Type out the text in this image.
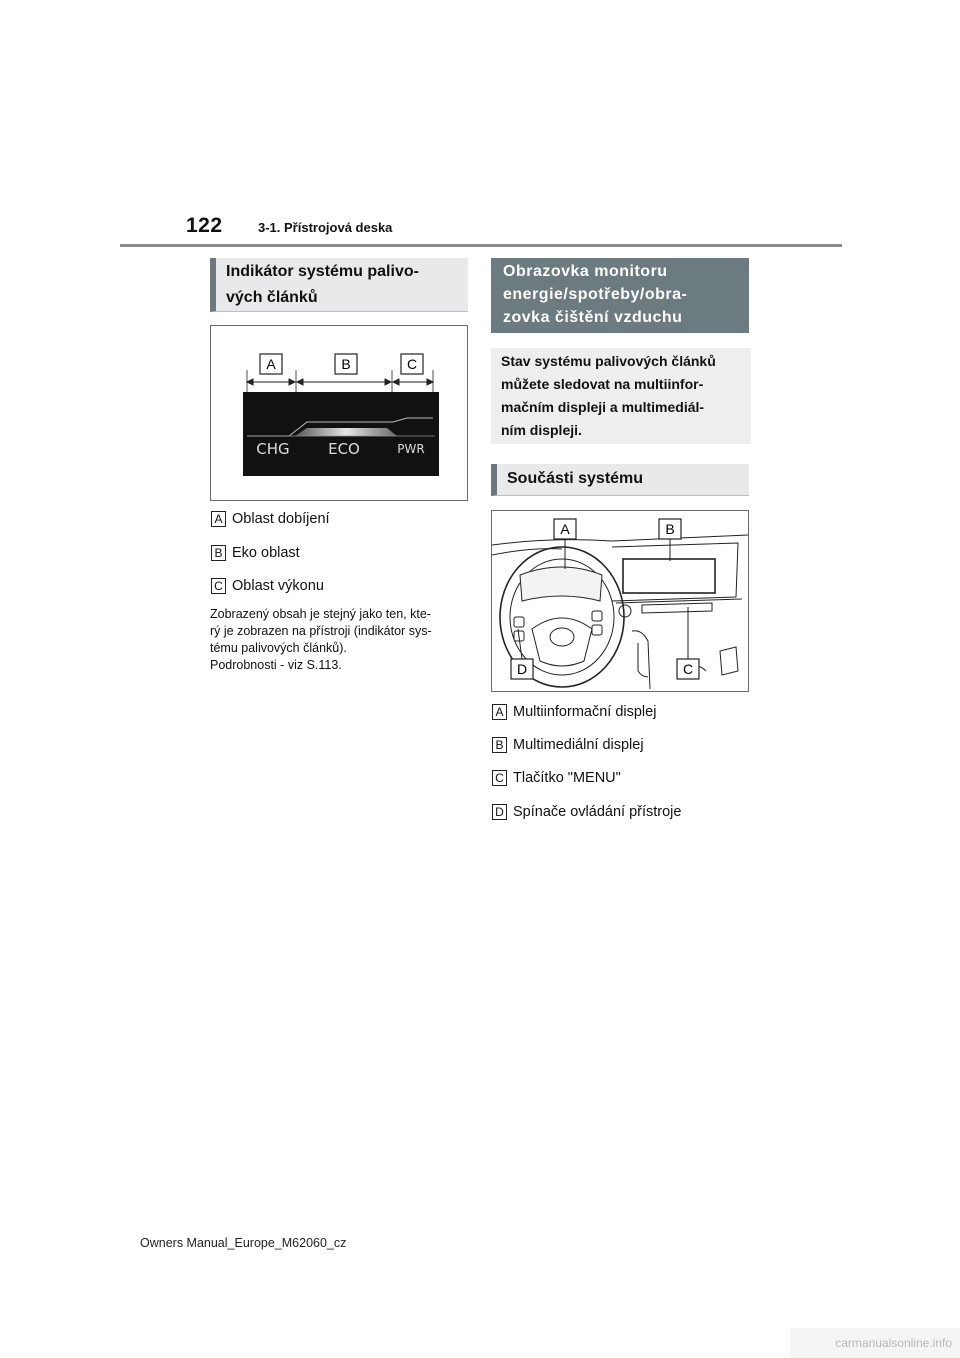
122	3-1. Přístrojová deska
Indikátor systému palivo-
vých článků
A	B	C
CHG	ECO	PWR
A Oblast dobíjení
B Eko oblast
C Oblast výkonu
Zobrazený obsah je stejný jako ten, kte-
rý je zobrazen na přístroji (indikátor sys-
tému palivových článků).
Podrobnosti - viz S.113.
Obrazovka monitoru
energie/spotřeby/obra-
zovka čištění vzduchu
Stav systému palivových článků
můžete sledovat na multiinfor-
mačním displeji a multimediál-
ním displeji.
Součásti systému
A	B
D	C
A Multiinformační displej
B Multimediální displej
C Tlačítko "MENU"
D Spínače ovládání přístroje
Owners Manual_Europe_M62060_cz
carmanualsonline.info
